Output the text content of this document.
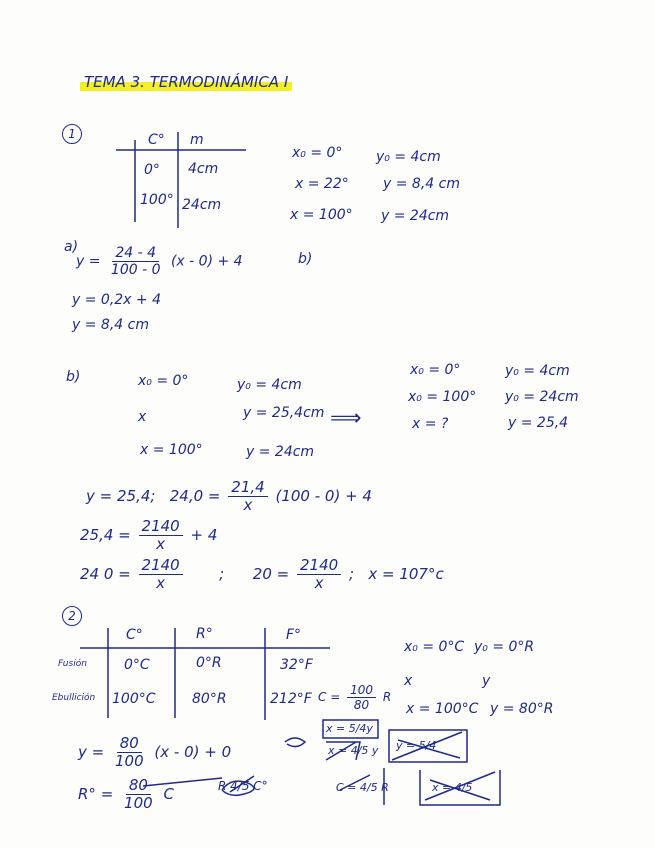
TEMA 3. TERMODINÁMICA I
1	C° m
0° 4cm
100° 24cm
x₀ = 0° y₀ = 4cm
x = 22° y = 8,4 cm
x = 100° y = 24cm
a)
$y = \frac{24 - 4}{100 - 0} (x - 0) + 4$	b)
y = 0,2x + 4
y = 8,4 cm
b)	x₀ = 0°	y₀ = 4cm
x	y = 25,4cm
x = 100°	y = 24cm
⟹
x₀ = 0°	y₀ = 4cm
x₀ = 100° y₀ = 24cm
x = ?	y = 25,4
y = 25,4; $24,0 = \frac{21,4}{x} (100 - 0) + 4$
$25,4 = \frac{2140}{x} + 4$
24 $0 = \frac{2140}{x}$ ; $20 = \frac{2140}{x}$ ; x = 107°c
2
C°	R°	F°
Fusión	0°C	0°R	32°F
Ebullición 100°C	80°R	212°F $C = \frac{100}{80}$ R
x₀ = 0°C y₀ = 0°R
x	y
x = 100°C y = 80°R
x = 5/4y
x = 4/5 y y = 5/4
C = 4/5 R	x = 4/5
$y = \frac{80}{100} (x - 0) + 0$
$R^\circ = \frac{80}{100}$ C	R 4/5 C°
